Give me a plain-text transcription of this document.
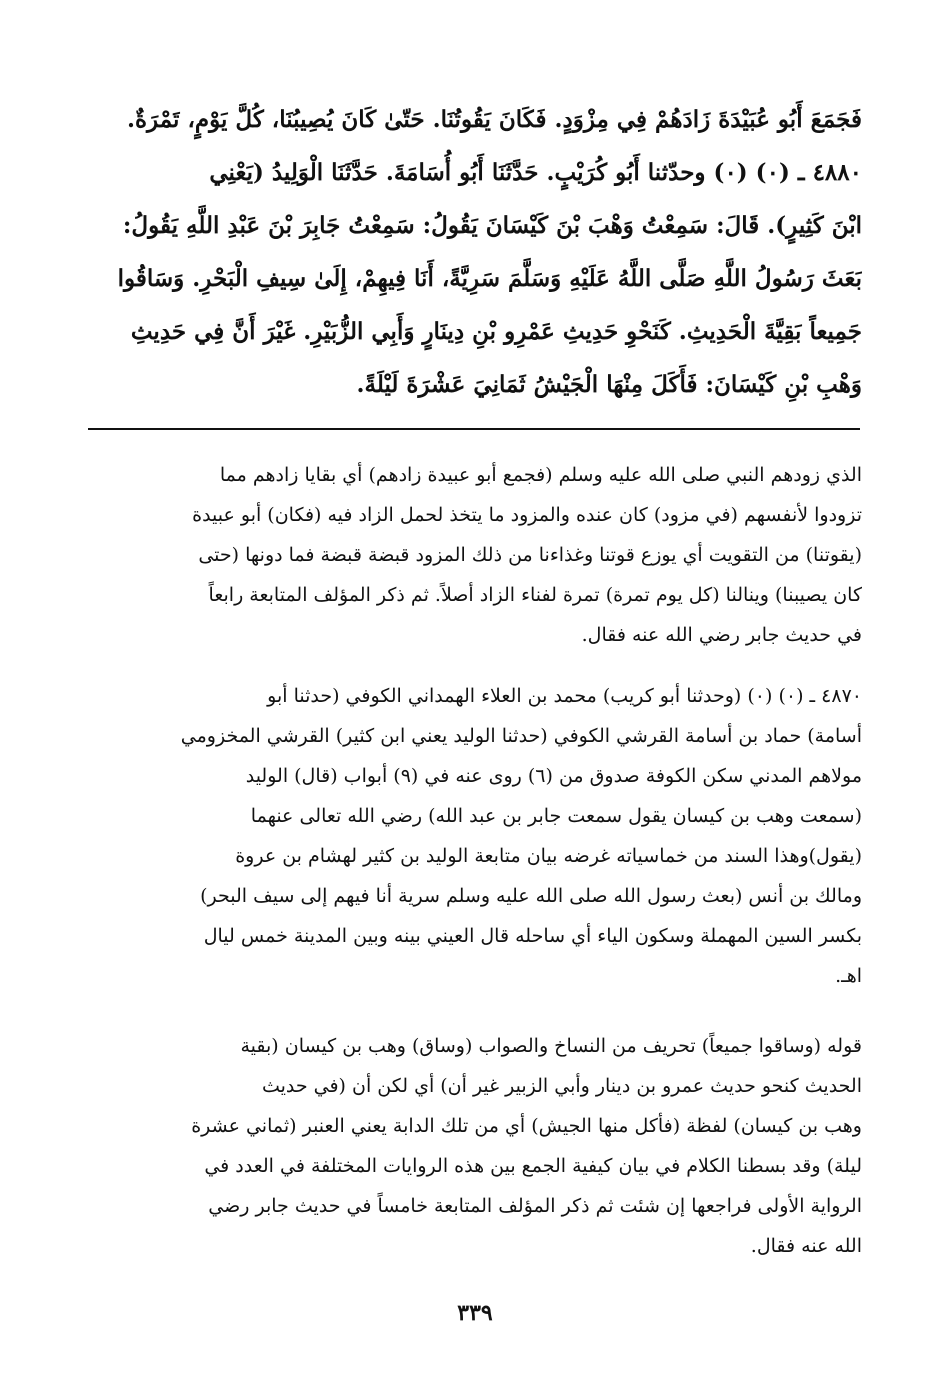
فَجَمَعَ أَبُو عُبَيْدَةَ زَادَهُمْ فِي مِزْوَدٍ. فَكَانَ يَقُوتُنَا. حَتّىٰ كَانَ يُصِيبُنَا، كُلَّ يَوْمٍ، تَمْرَةٌ.
٤٨٨٠ ـ (٠) (٠) وحدّثنا أَبُو كُرَيْبٍ. حَدَّثَنَا أَبُو أُسَامَةَ. حَدَّثَنَا الْوَلِيدُ (يَعْنِي
ابْنَ كَثِيرٍ). قَالَ: سَمِعْتُ وَهْبَ بْنَ كَيْسَانَ يَقُولُ: سَمِعْتُ جَابِرَ بْنَ عَبْدِ اللَّهِ يَقُولُ:
بَعَثَ رَسُولُ اللَّهِ صَلَّى اللَّهُ عَلَيْهِ وَسَلَّمَ سَرِيَّةً، أَنَا فِيهِمْ، إِلَىٰ سِيفِ الْبَحْرِ. وَسَاقُوا
جَمِيعاً بَقِيَّةَ الْحَدِيثِ. كَنَحْوِ حَدِيثِ عَمْرِو بْنِ دِينَارٍ وَأَبِي الزُّبَيْرِ. غَيْرَ أَنَّ فِي حَدِيثِ
وَهْبِ بْنِ كَيْسَانَ: فَأَكَلَ مِنْهَا الْجَيْشُ ثَمَانِيَ عَشْرَةَ لَيْلَةً.
الذي زودهم النبي صلى الله عليه وسلم (فجمع أبو عبيدة زادهم) أي بقايا زادهم مما
تزودوا لأنفسهم (في مزود) كان عنده والمزود ما يتخذ لحمل الزاد فيه (فكان) أبو عبيدة
(يقوتنا) من التقويت أي يوزع قوتنا وغذاءنا من ذلك المزود قبضة قبضة فما دونها (حتى
كان يصيبنا) وينالنا (كل يوم تمرة) تمرة لفناء الزاد أصلاً. ثم ذكر المؤلف المتابعة رابعاً
في حديث جابر رضي الله عنه فقال.
٤٨٧٠ ـ (٠) (٠) (وحدثنا أبو كريب) محمد بن العلاء الهمداني الكوفي (حدثنا أبو
أسامة) حماد بن أسامة القرشي الكوفي (حدثنا الوليد يعني ابن كثير) القرشي المخزومي
مولاهم المدني سكن الكوفة صدوق من (٦) روى عنه في (٩) أبواب (قال) الوليد
(سمعت وهب بن كيسان يقول سمعت جابر بن عبد الله) رضي الله تعالى عنهما
(يقول)وهذا السند من خماسياته غرضه بيان متابعة الوليد بن كثير لهشام بن عروة
ومالك بن أنس (بعث رسول الله صلى الله عليه وسلم سرية أنا فيهم إلى سيف البحر)
بكسر السين المهملة وسكون الياء أي ساحله قال العيني بينه وبين المدينة خمس ليال
اهـ.
قوله (وساقوا جميعاً) تحريف من النساخ والصواب (وساق) وهب بن كيسان (بقية
الحديث كنحو حديث عمرو بن دينار وأبي الزبير غير أن) أي لكن أن (في حديث
وهب بن كيسان) لفظة (فأكل منها الجيش) أي من تلك الدابة يعني العنبر (ثماني عشرة
ليلة) وقد بسطنا الكلام في بيان كيفية الجمع بين هذه الروايات المختلفة في العدد في
الرواية الأولى فراجعها إن شئت ثم ذكر المؤلف المتابعة خامساً في حديث جابر رضي
الله عنه فقال.
٣٣٩
